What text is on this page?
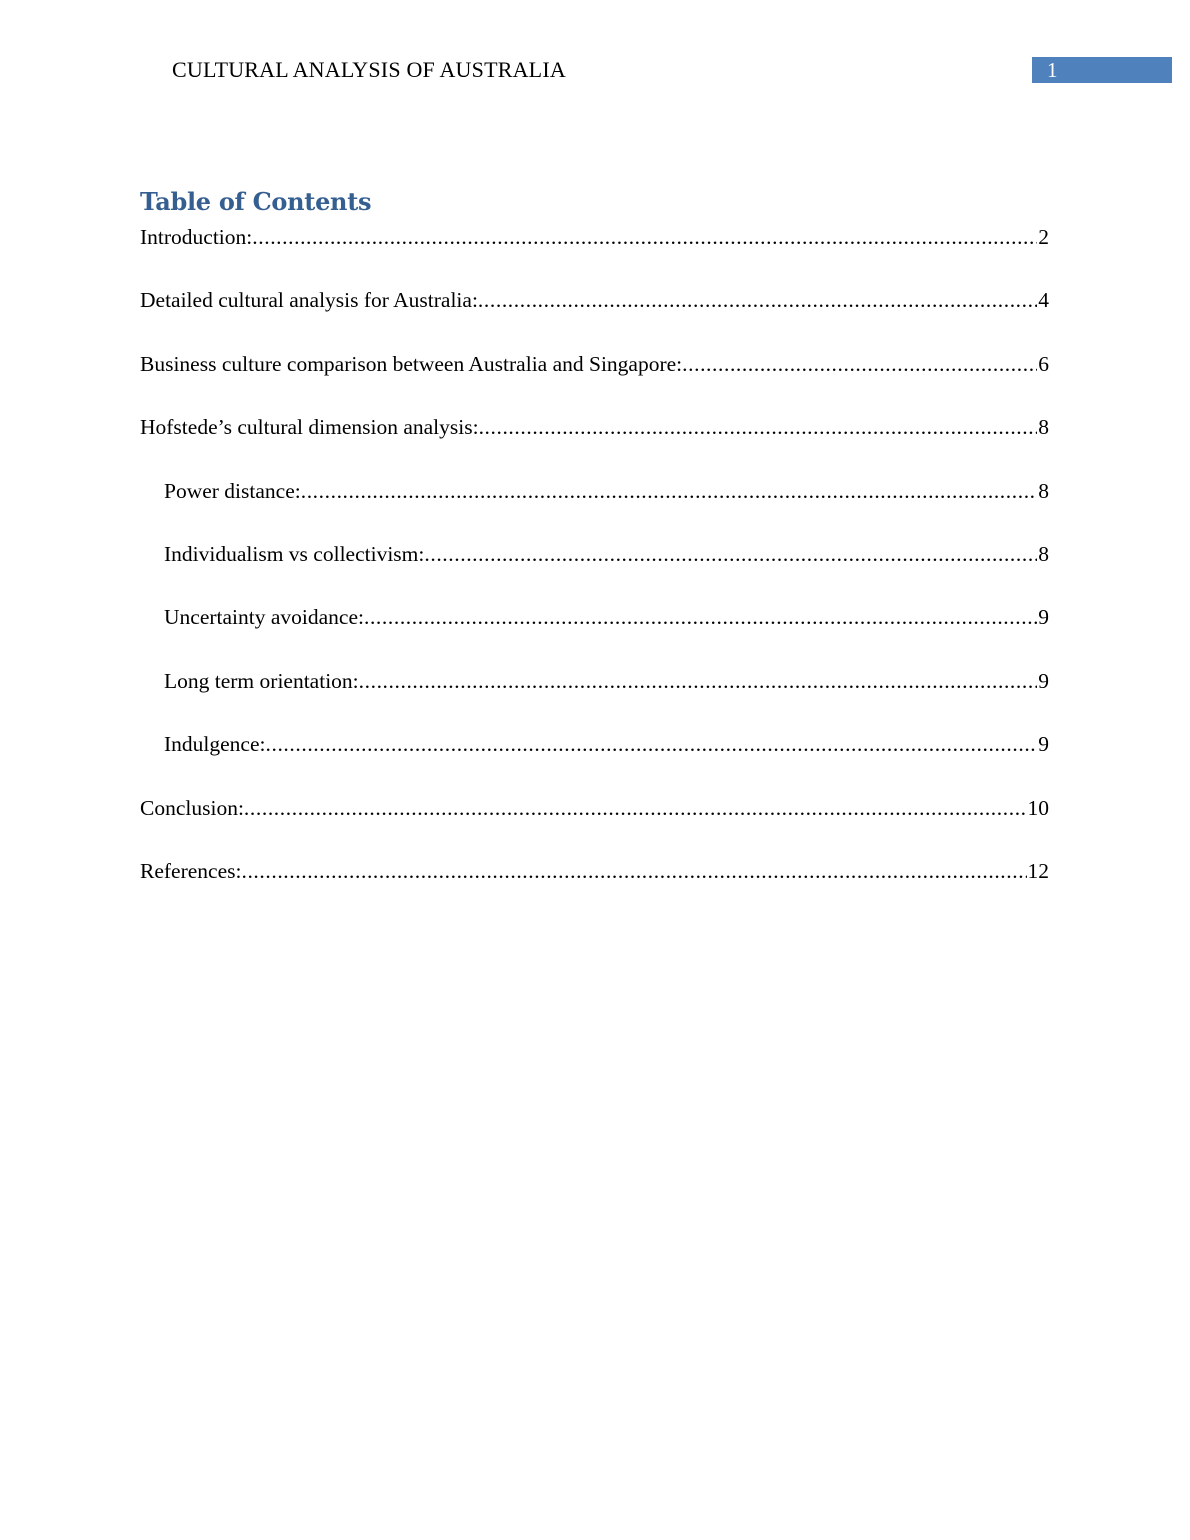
CULTURAL ANALYSIS OF AUSTRALIA	1
Table of Contents
Introduction: .....	2
Detailed cultural analysis for Australia: .....	4
Business culture comparison between Australia and Singapore: .....	6
Hofstede’s cultural dimension analysis: .....	8
Power distance: .....	8
Individualism vs collectivism: .....	8
Uncertainty avoidance: .....	9
Long term orientation: .....	9
Indulgence: .....	9
Conclusion: .....	10
References: .....	12
